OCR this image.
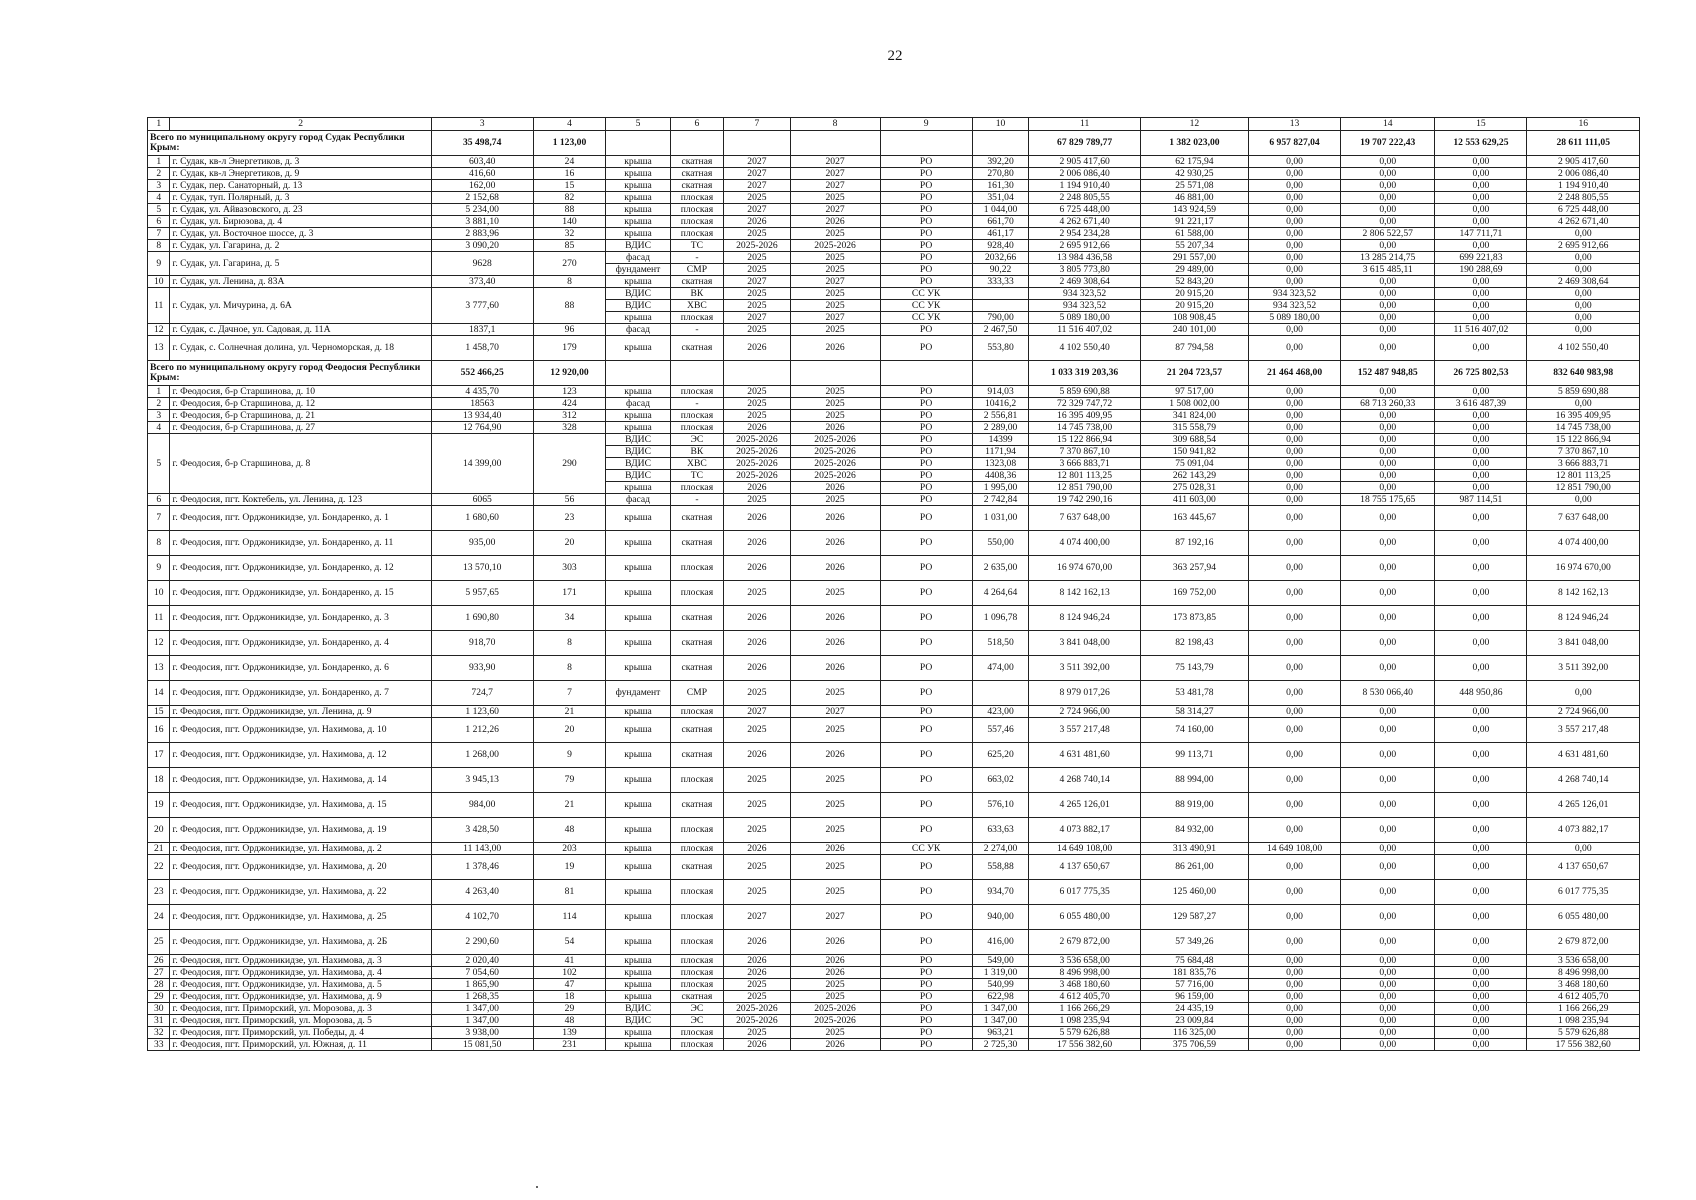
22
1	2	3	4	5	6	7	8	9	10	11	12	13	14	15	16
Всего по муниципальному округу город Судак Республики Крым:		35 498,74	1 123,00							67 829 789,77	1 382 023,00	6 957 827,04	19 707 222,43	12 553 629,25	28 611 111,05
1	г. Судак, кв-л Энергетиков, д. 3	603,40	24	крыша	скатная	2027	2027	РО	392,20	2 905 417,60	62 175,94	0,00	0,00	0,00	2 905 417,60
2	г. Судак, кв-л Энергетиков, д. 9	416,60	16	крыша	скатная	2027	2027	РО	270,80	2 006 086,40	42 930,25	0,00	0,00	0,00	2 006 086,40
3	г. Судак, пер. Санаторный, д. 13	162,00	15	крыша	скатная	2027	2027	РО	161,30	1 194 910,40	25 571,08	0,00	0,00	0,00	1 194 910,40
4	г. Судак, туп. Полярный, д. 3	2 152,68	82	крыша	плоская	2025	2025	РО	351,04	2 248 805,55	46 881,00	0,00	0,00	0,00	2 248 805,55
5	г. Судак, ул. Айвазовского, д. 23	5 234,00	88	крыша	плоская	2027	2027	РО	1 044,00	6 725 448,00	143 924,59	0,00	0,00	0,00	6 725 448,00
6	г. Судак, ул. Бирюзова, д. 4	3 881,10	140	крыша	плоская	2026	2026	РО	661,70	4 262 671,40	91 221,17	0,00	0,00	0,00	4 262 671,40
7	г. Судак, ул. Восточное шоссе, д. 3	2 883,96	32	крыша	плоская	2025	2025	РО	461,17	2 954 234,28	61 588,00	0,00	2 806 522,57	147 711,71	0,00
8	г. Судак, ул. Гагарина, д. 2	3 090,20	85	ВДИС	ТС	2025-2026	2025-2026	РО	928,40	2 695 912,66	55 207,34	0,00	0,00	0,00	2 695 912,66
9	г. Судак, ул. Гагарина, д. 5	9628	270	фасад	-	2025	2025	РО	2032,66	13 984 436,58	291 557,00	0,00	13 285 214,75	699 221,83	0,00
				фундамент	СМР	2025	2025	РО	90,22	3 805 773,80	29 489,00	0,00	3 615 485,11	190 288,69	0,00
10	г. Судак, ул. Ленина, д. 83А	373,40	8	крыша	скатная	2027	2027	РО	333,33	2 469 308,64	52 843,20	0,00	0,00	0,00	2 469 308,64
11	г. Судак, ул. Мичурина, д. 6А	3 777,60	88	ВДИС	ВК	2025	2025	СС УК		934 323,52	20 915,20	934 323,52	0,00	0,00	0,00
				ВДИС	ХВС	2025	2025	СС УК		934 323,52	20 915,20	934 323,52	0,00	0,00	0,00
				крыша	плоская	2027	2027	СС УК	790,00	5 089 180,00	108 908,45	5 089 180,00	0,00	0,00	0,00
12	г. Судак, с. Дачное, ул. Садовая, д. 11А	1837,1	96	фасад	-	2025	2025	РО	2 467,50	11 516 407,02	240 101,00	0,00	0,00	11 516 407,02	0,00
13	г. Судак, с. Солнечная долина, ул. Черноморская, д. 18	1 458,70	179	крыша	скатная	2026	2026	РО	553,80	4 102 550,40	87 794,58	0,00	0,00	0,00	4 102 550,40
Всего по муниципальному округу город Феодосия Республики Крым:		552 466,25	12 920,00							1 033 319 203,36	21 204 723,57	21 464 468,00	152 487 948,85	26 725 802,53	832 640 983,98
1	г. Феодосия, б-р Старшинова, д. 10	4 435,70	123	крыша	плоская	2025	2025	РО	914,03	5 859 690,88	97 517,00	0,00	0,00	0,00	5 859 690,88
2	г. Феодосия, б-р Старшинова, д. 12	18563	424	фасад	-	2025	2025	РО	10416,2	72 329 747,72	1 508 002,00	0,00	68 713 260,33	3 616 487,39	0,00
3	г. Феодосия, б-р Старшинова, д. 21	13 934,40	312	крыша	плоская	2025	2025	РО	2 556,81	16 395 409,95	341 824,00	0,00	0,00	0,00	16 395 409,95
4	г. Феодосия, б-р Старшинова, д. 27	12 764,90	328	крыша	плоская	2026	2026	РО	2 289,00	14 745 738,00	315 558,79	0,00	0,00	0,00	14 745 738,00
5	г. Феодосия, б-р Старшинова, д. 8	14 399,00	290	ВДИС	ЭС	2025-2026	2025-2026	РО	14399	15 122 866,94	309 688,54	0,00	0,00	0,00	15 122 866,94
				ВДИС	ВК	2025-2026	2025-2026	РО	1171,94	7 370 867,10	150 941,82	0,00	0,00	0,00	7 370 867,10
				ВДИС	ХВС	2025-2026	2025-2026	РО	1323,08	3 666 883,71	75 091,04	0,00	0,00	0,00	3 666 883,71
				ВДИС	ТС	2025-2026	2025-2026	РО	4408,36	12 801 113,25	262 143,29	0,00	0,00	0,00	12 801 113,25
				крыша	плоская	2026	2026	РО	1 995,00	12 851 790,00	275 028,31	0,00	0,00	0,00	12 851 790,00
6	г. Феодосия, пгт. Коктебель, ул. Ленина, д. 123	6065	56	фасад	-	2025	2025	РО	2 742,84	19 742 290,16	411 603,00	0,00	18 755 175,65	987 114,51	0,00
7	г. Феодосия, пгт. Орджоникидзе, ул. Бондаренко, д. 1	1 680,60	23	крыша	скатная	2026	2026	РО	1 031,00	7 637 648,00	163 445,67	0,00	0,00	0,00	7 637 648,00
8	г. Феодосия, пгт. Орджоникидзе, ул. Бондаренко, д. 11	935,00	20	крыша	скатная	2026	2026	РО	550,00	4 074 400,00	87 192,16	0,00	0,00	0,00	4 074 400,00
9	г. Феодосия, пгт. Орджоникидзе, ул. Бондаренко, д. 12	13 570,10	303	крыша	плоская	2026	2026	РО	2 635,00	16 974 670,00	363 257,94	0,00	0,00	0,00	16 974 670,00
10	г. Феодосия, пгт. Орджоникидзе, ул. Бондаренко, д. 15	5 957,65	171	крыша	плоская	2025	2025	РО	4 264,64	8 142 162,13	169 752,00	0,00	0,00	0,00	8 142 162,13
11	г. Феодосия, пгт. Орджоникидзе, ул. Бондаренко, д. 3	1 690,80	34	крыша	скатная	2026	2026	РО	1 096,78	8 124 946,24	173 873,85	0,00	0,00	0,00	8 124 946,24
12	г. Феодосия, пгт. Орджоникидзе, ул. Бондаренко, д. 4	918,70	8	крыша	скатная	2026	2026	РО	518,50	3 841 048,00	82 198,43	0,00	0,00	0,00	3 841 048,00
13	г. Феодосия, пгт. Орджоникидзе, ул. Бондаренко, д. 6	933,90	8	крыша	скатная	2026	2026	РО	474,00	3 511 392,00	75 143,79	0,00	0,00	0,00	3 511 392,00
14	г. Феодосия, пгт. Орджоникидзе, ул. Бондаренко, д. 7	724,7	7	фундамент	СМР	2025	2025	РО		8 979 017,26	53 481,78	0,00	8 530 066,40	448 950,86	0,00
15	г. Феодосия, пгт. Орджоникидзе, ул. Ленина, д. 9	1 123,60	21	крыша	плоская	2027	2027	РО	423,00	2 724 966,00	58 314,27	0,00	0,00	0,00	2 724 966,00
16	г. Феодосия, пгт. Орджоникидзе, ул. Нахимова, д. 10	1 212,26	20	крыша	скатная	2025	2025	РО	557,46	3 557 217,48	74 160,00	0,00	0,00	0,00	3 557 217,48
17	г. Феодосия, пгт. Орджоникидзе, ул. Нахимова, д. 12	1 268,00	9	крыша	скатная	2026	2026	РО	625,20	4 631 481,60	99 113,71	0,00	0,00	0,00	4 631 481,60
18	г. Феодосия, пгт. Орджоникидзе, ул. Нахимова, д. 14	3 945,13	79	крыша	плоская	2025	2025	РО	663,02	4 268 740,14	88 994,00	0,00	0,00	0,00	4 268 740,14
19	г. Феодосия, пгт. Орджоникидзе, ул. Нахимова, д. 15	984,00	21	крыша	скатная	2025	2025	РО	576,10	4 265 126,01	88 919,00	0,00	0,00	0,00	4 265 126,01
20	г. Феодосия, пгт. Орджоникидзе, ул. Нахимова, д. 19	3 428,50	48	крыша	плоская	2025	2025	РО	633,63	4 073 882,17	84 932,00	0,00	0,00	0,00	4 073 882,17
21	г. Феодосия, пгт. Орджоникидзе, ул. Нахимова, д. 2	11 143,00	203	крыша	плоская	2026	2026	СС УК	2 274,00	14 649 108,00	313 490,91	14 649 108,00	0,00	0,00	0,00
22	г. Феодосия, пгт. Орджоникидзе, ул. Нахимова, д. 20	1 378,46	19	крыша	скатная	2025	2025	РО	558,88	4 137 650,67	86 261,00	0,00	0,00	0,00	4 137 650,67
23	г. Феодосия, пгт. Орджоникидзе, ул. Нахимова, д. 22	4 263,40	81	крыша	плоская	2025	2025	РО	934,70	6 017 775,35	125 460,00	0,00	0,00	0,00	6 017 775,35
24	г. Феодосия, пгт. Орджоникидзе, ул. Нахимова, д. 25	4 102,70	114	крыша	плоская	2027	2027	РО	940,00	6 055 480,00	129 587,27	0,00	0,00	0,00	6 055 480,00
25	г. Феодосия, пгт. Орджоникидзе, ул. Нахимова, д. 2Б	2 290,60	54	крыша	плоская	2026	2026	РО	416,00	2 679 872,00	57 349,26	0,00	0,00	0,00	2 679 872,00
26	г. Феодосия, пгт. Орджоникидзе, ул. Нахимова, д. 3	2 020,40	41	крыша	плоская	2026	2026	РО	549,00	3 536 658,00	75 684,48	0,00	0,00	0,00	3 536 658,00
27	г. Феодосия, пгт. Орджоникидзе, ул. Нахимова, д. 4	7 054,60	102	крыша	плоская	2026	2026	РО	1 319,00	8 496 998,00	181 835,76	0,00	0,00	0,00	8 496 998,00
28	г. Феодосия, пгт. Орджоникидзе, ул. Нахимова, д. 5	1 865,90	47	крыша	плоская	2025	2025	РО	540,99	3 468 180,60	57 716,00	0,00	0,00	0,00	3 468 180,60
29	г. Феодосия, пгт. Орджоникидзе, ул. Нахимова, д. 9	1 268,35	18	крыша	скатная	2025	2025	РО	622,98	4 612 405,70	96 159,00	0,00	0,00	0,00	4 612 405,70
30	г. Феодосия, пгт. Приморский, ул. Морозова, д. 3	1 347,00	29	ВДИС	ЭС	2025-2026	2025-2026	РО	1 347,00	1 166 266,29	24 435,19	0,00	0,00	0,00	1 166 266,29
31	г. Феодосия, пгт. Приморский, ул. Морозова, д. 5	1 347,00	48	ВДИС	ЭС	2025-2026	2025-2026	РО	1 347,00	1 098 235,94	23 009,84	0,00	0,00	0,00	1 098 235,94
32	г. Феодосия, пгт. Приморский, ул. Победы, д. 4	3 938,00	139	крыша	плоская	2025	2025	РО	963,21	5 579 626,88	116 325,00	0,00	0,00	0,00	5 579 626,88
33	г. Феодосия, пгт. Приморский, ул. Южная, д. 11	15 081,50	231	крыша	плоская	2026	2026	РО	2 725,30	17 556 382,60	375 706,59	0,00	0,00	0,00	17 556 382,60
